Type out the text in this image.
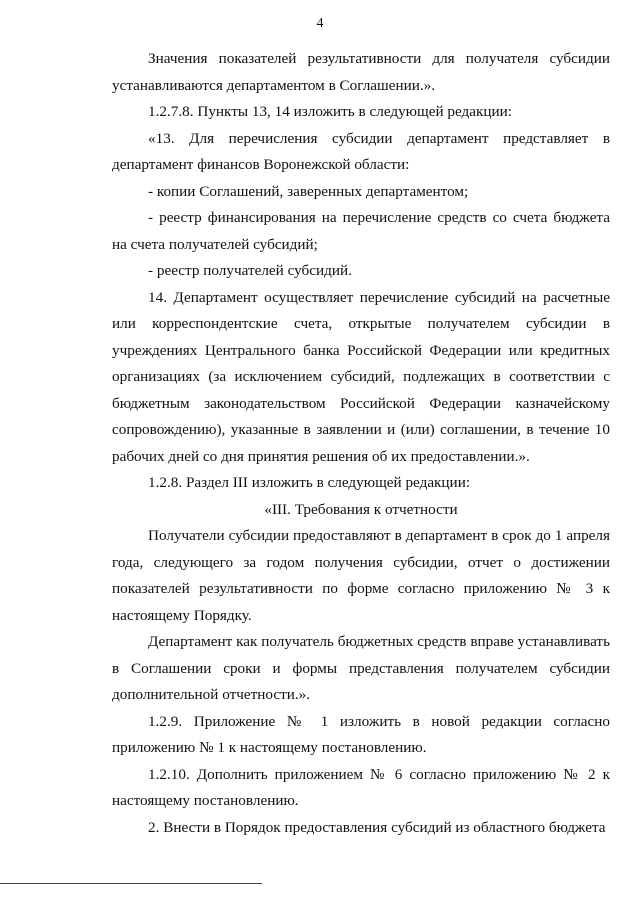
4

Значения показателей результативности для получателя субсидии устанавливаются департаментом в Соглашении.».

1.2.7.8. Пункты 13, 14 изложить в следующей редакции:

«13. Для перечисления субсидии департамент представляет в департамент финансов Воронежской области:

- копии Соглашений, заверенных департаментом;

- реестр финансирования на перечисление средств со счета бюджета на счета получателей субсидий;

- реестр получателей субсидий.

14. Департамент осуществляет перечисление субсидий на расчетные или корреспондентские счета, открытые получателем субсидии в учреждениях Центрального банка Российской Федерации или кредитных организациях (за исключением субсидий, подлежащих в соответствии с бюджетным законодательством Российской Федерации казначейскому сопровождению), указанные в заявлении и (или) соглашении, в течение 10 рабочих дней со дня принятия решения об их предоставлении.».

1.2.8. Раздел III изложить в следующей редакции:

«III. Требования к отчетности

Получатели субсидии предоставляют в департамент в срок до 1 апреля года, следующего за годом получения субсидии, отчет о достижении показателей результативности по форме согласно приложению № 3 к настоящему Порядку.

Департамент как получатель бюджетных средств вправе устанавливать в Соглашении сроки и формы представления получателем субсидии дополнительной отчетности.».

1.2.9. Приложение № 1 изложить в новой редакции согласно приложению № 1 к настоящему постановлению.

1.2.10. Дополнить приложением № 6 согласно приложению № 2 к настоящему постановлению.

2. Внести в Порядок предоставления субсидий из областного бюджета
